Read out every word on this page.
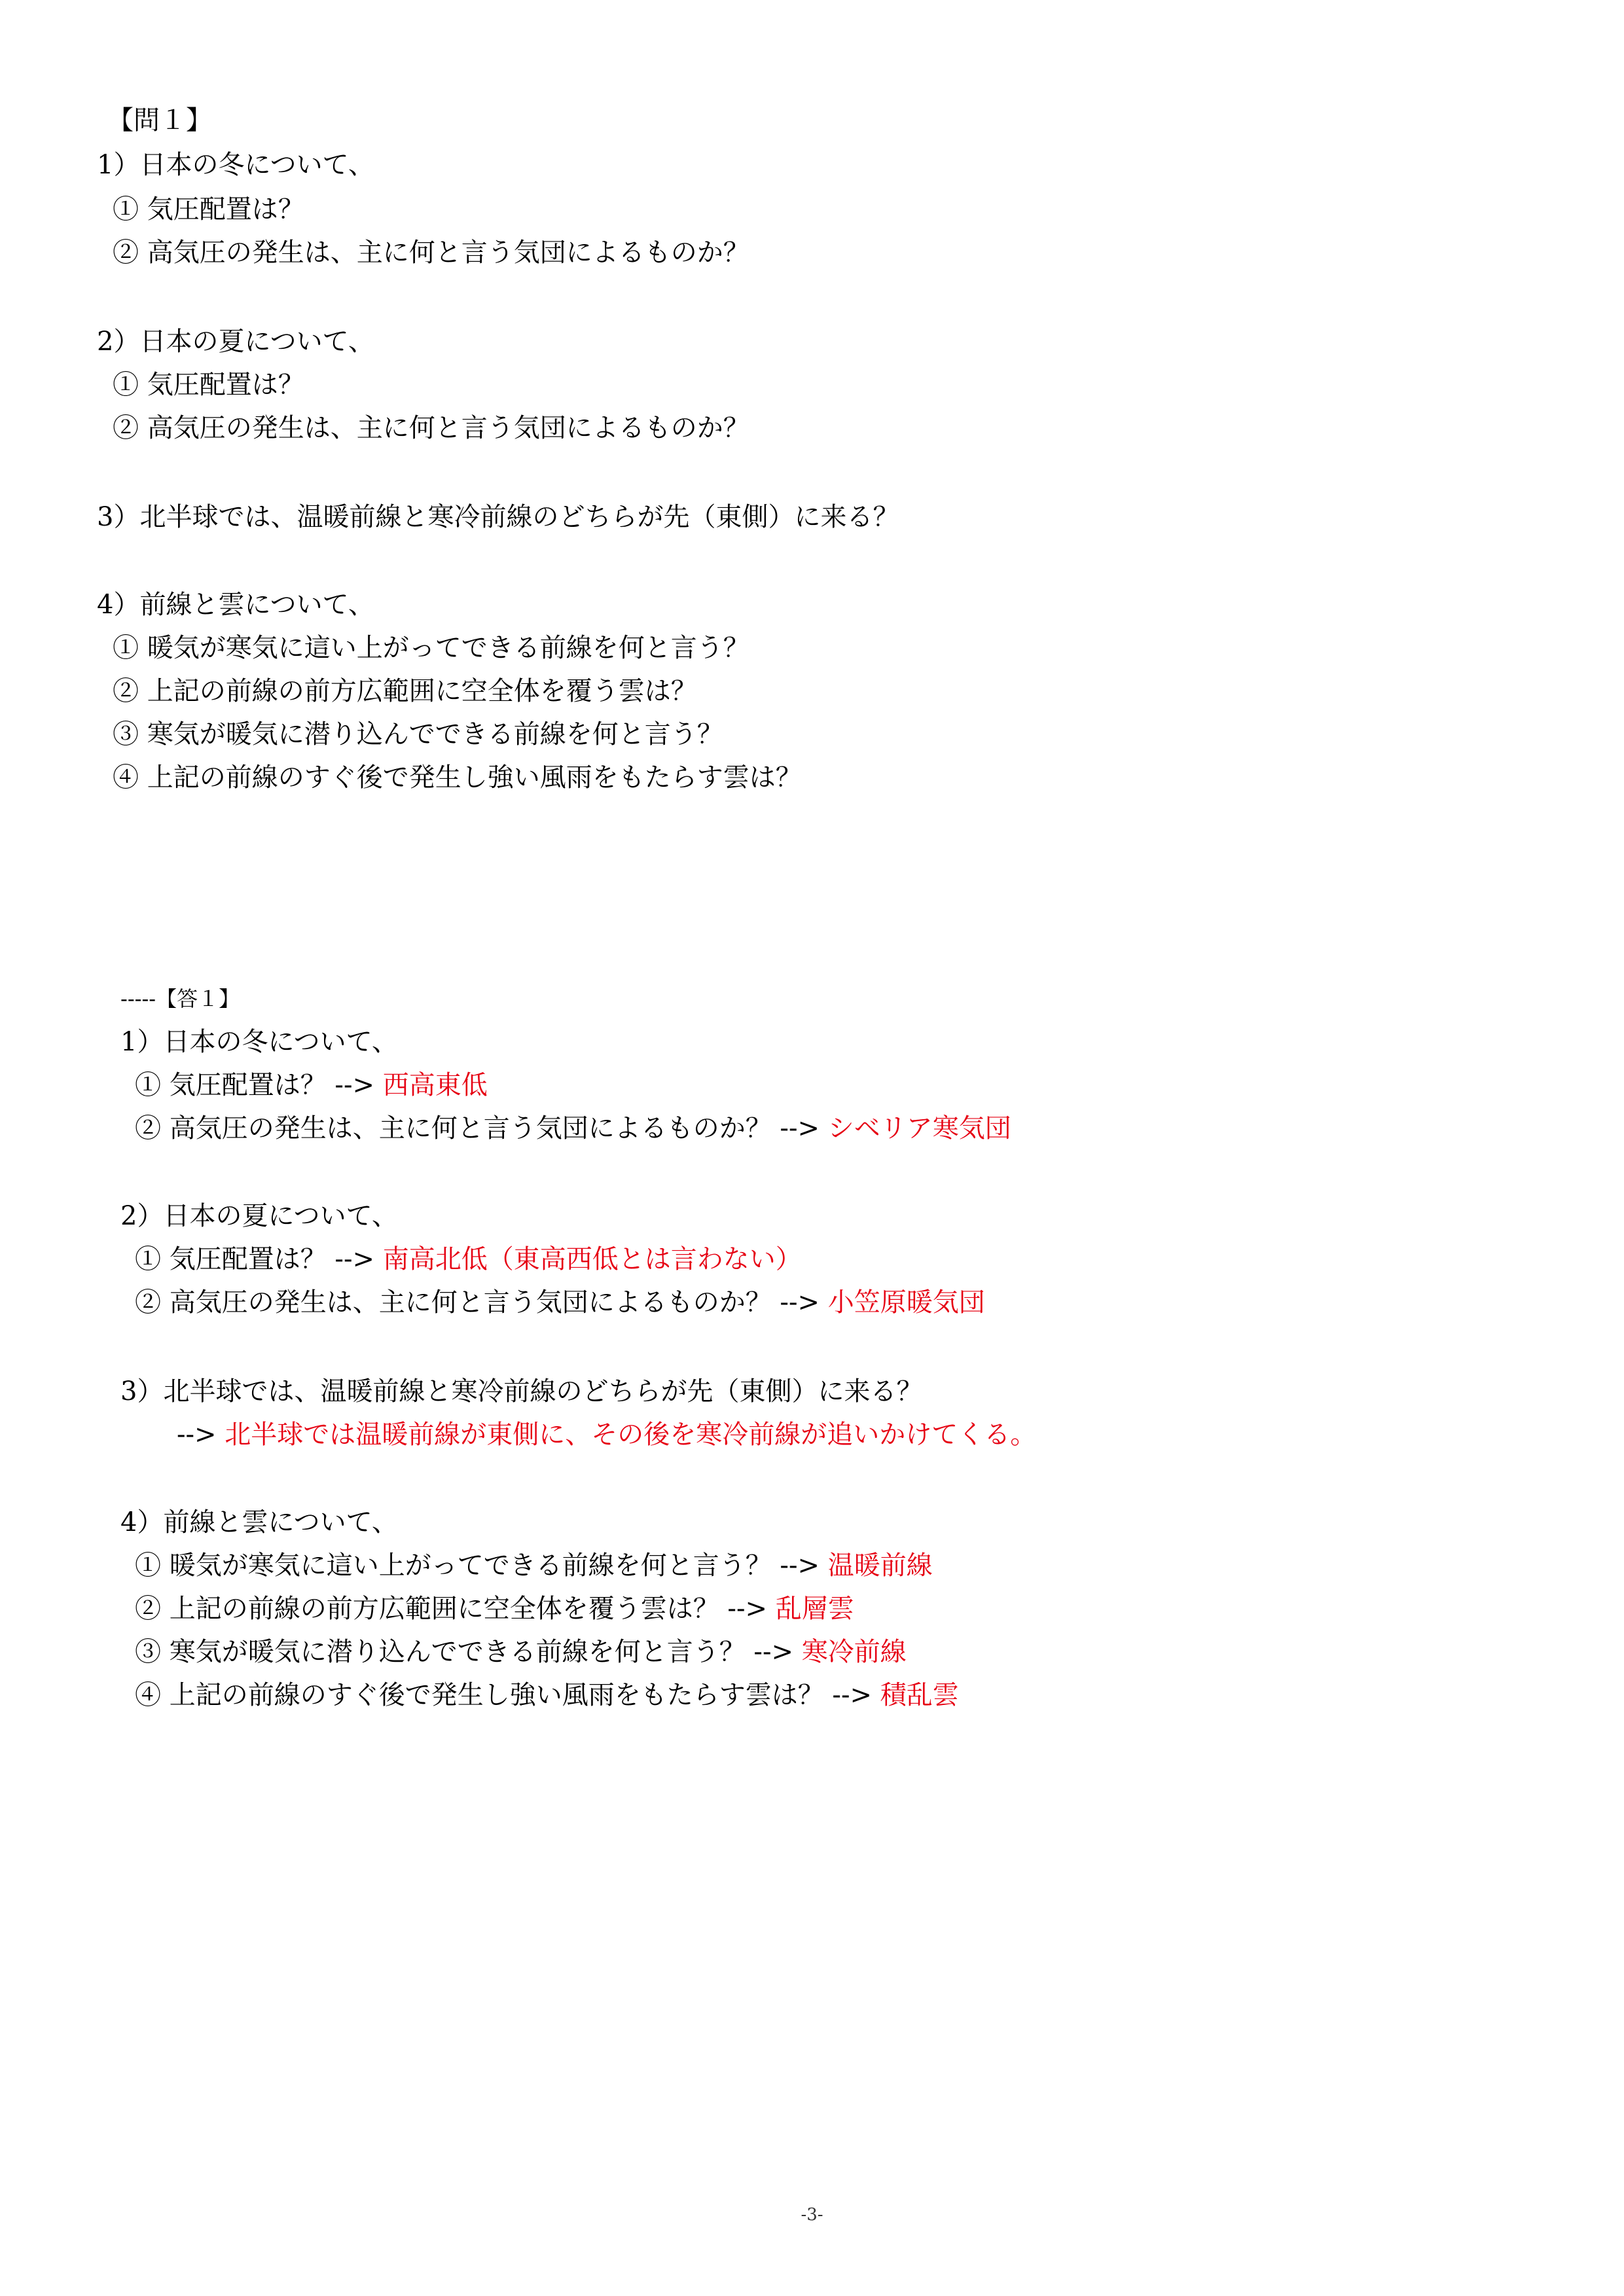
【問１】
1）日本の冬について、
① 気圧配置は？
② 高気圧の発生は、主に何と言う気団によるものか？
2）日本の夏について、
① 気圧配置は？
② 高気圧の発生は、主に何と言う気団によるものか？
3）北半球では、温暖前線と寒冷前線のどちらが先（東側）に来る？
4）前線と雲について、
① 暖気が寒気に這い上がってできる前線を何と言う？
② 上記の前線の前方広範囲に空全体を覆う雲は？
③ 寒気が暖気に潜り込んでできる前線を何と言う？
④ 上記の前線のすぐ後で発生し強い風雨をもたらす雲は？
-----【答１】
1）日本の冬について、
① 気圧配置は？ --> 西高東低
② 高気圧の発生は、主に何と言う気団によるものか？ --> シベリア寒気団
2）日本の夏について、
① 気圧配置は？ --> 南高北低（東高西低とは言わない）
② 高気圧の発生は、主に何と言う気団によるものか？ --> 小笠原暖気団
3）北半球では、温暖前線と寒冷前線のどちらが先（東側）に来る？
--> 北半球では温暖前線が東側に、その後を寒冷前線が追いかけてくる。
4）前線と雲について、
① 暖気が寒気に這い上がってできる前線を何と言う？ --> 温暖前線
② 上記の前線の前方広範囲に空全体を覆う雲は？ --> 乱層雲
③ 寒気が暖気に潜り込んでできる前線を何と言う？ --> 寒冷前線
④ 上記の前線のすぐ後で発生し強い風雨をもたらす雲は？ --> 積乱雲
-3-
